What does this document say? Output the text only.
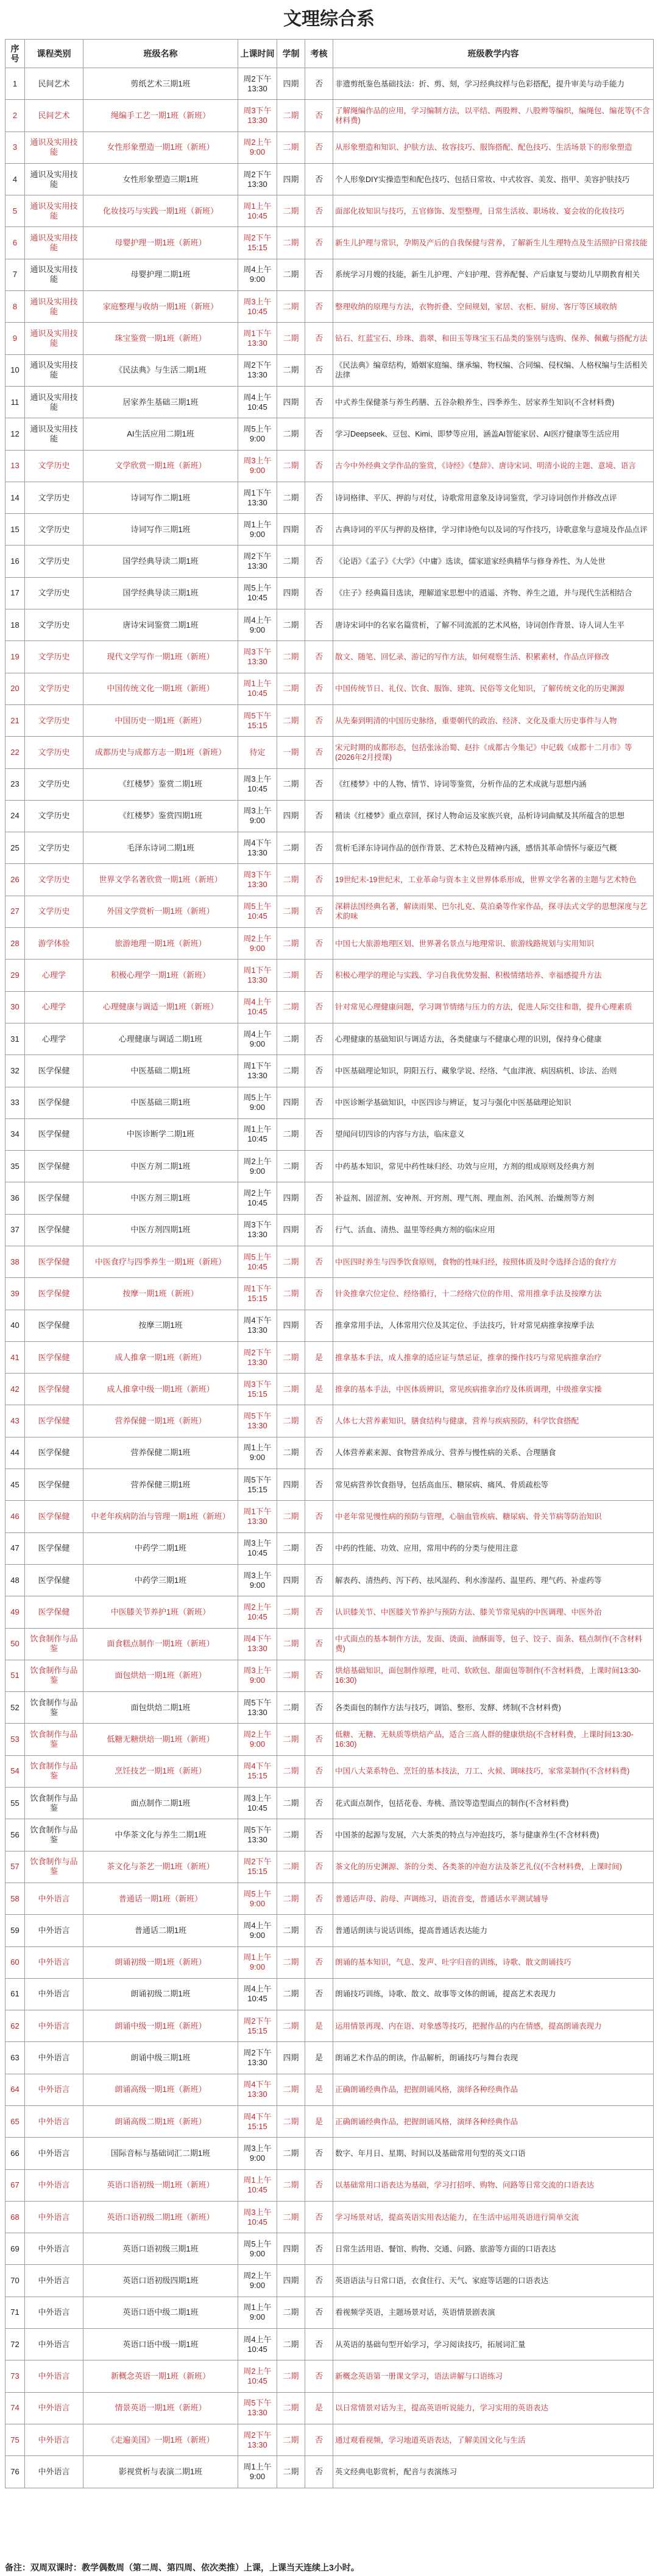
文理综合系
序号	课程类别	班级名称	上课时间	学制	考核	班级教学内容
1	民间艺术	剪纸艺术三期1班	周2下午13:30	四期	否	非遗剪纸鉴色基础技法：折、剪、刻，学习经典纹样与色彩搭配，提升审美与动手能力
2	民间艺术	绳编手工艺一期1班（新班）	周3下午13:30	二期	否	了解绳编作品的应用，学习编制方法，以平结、两股辫、八股辫等编织，编绳包、编花等(不含材料费)
3	通识及实用技能	女性形象塑造一期1班（新班）	周2上午9:00	二期	否	从形象塑造和知识、护肤方法、妆容技巧、服饰搭配、配色技巧、生活场景下的形象塑造
4	通识及实用技能	女性形象塑造三期1班	周2下午13:30	四期	否	个人形象DIY实操造型和配色技巧、包括日常妆、中式妆容、美发、指甲、美容护肤技巧
5	通识及实用技能	化妆技巧与实践一期1班（新班）	周1上午10:45	二期	否	面部化妆知识与技巧，五官修饰、发型整理，日常生活妆、职场妆、宴会妆的化妆技巧
6	通识及实用技能	母婴护理一期1班（新班）	周2下午15:15	二期	否	新生儿护理与常识，孕期及产后的自我保健与营养，了解新生儿生理特点及生活照护日常技能
7	通识及实用技能	母婴护理二期1班	周4上午9:00	二期	否	系统学习月嫂的技能，新生儿护理、产妇护理、营养配餐、产后康复与婴幼儿早期教育相关
8	通识及实用技能	家庭整理与收纳一期1班（新班）	周3上午10:45	二期	否	整理收纳的原理与方法，衣物折叠、空间规划，家居、衣柜、厨房、客厅等区域收纳
9	通识及实用技能	珠宝鉴赏一期1班（新班）	周1下午13:30	二期	否	钻石、红蓝宝石、珍珠、翡翠、和田玉等珠宝玉石品类的鉴别与选购、保养、佩戴与搭配方法
10	通识及实用技能	《民法典》与生活二期1班	周2下午13:30	二期	否	《民法典》编章结构，婚姻家庭编、继承编、物权编、合同编、侵权编、人格权编与生活相关法律
11	通识及实用技能	居家养生基础三期1班	周4上午10:45	四期	否	中式养生保健茶与养生药膳、五谷杂粮养生、四季养生、居家养生知识(不含材料费)
12	通识及实用技能	AI生活应用二期1班	周5上午9:00	二期	否	学习Deepseek、豆包、Kimi、即梦等应用，涵盖AI智能家居、AI医疗健康等生活应用
13	文学历史	文学欣赏一期1班（新班）	周3上午9:00	二期	否	古今中外经典文学作品的鉴赏，《诗经》《楚辞》、唐诗宋词、明清小说的主题、意境、语言
14	文学历史	诗词写作二期1班	周1下午13:30	二期	否	诗词格律、平仄、押韵与对仗，诗歌常用意象及诗词鉴赏，学习诗词创作并修改点评
15	文学历史	诗词写作三期1班	周1上午9:00	四期	否	古典诗词的平仄与押韵及格律，学习律诗绝句以及词的写作技巧，诗歌意象与意境及作品点评
16	文学历史	国学经典导读二期1班	周2下午13:30	二期	否	《论语》《孟子》《大学》《中庸》选读，儒家道家经典精华与修身养性、为人处世
17	文学历史	国学经典导读三期1班	周5上午10:45	四期	否	《庄子》经典篇目选读，理解道家思想中的逍遥、齐物、养生之道，并与现代生活相结合
18	文学历史	唐诗宋词鉴赏二期1班	周4上午9:00	二期	否	唐诗宋词中的名家名篇赏析，了解不同流派的艺术风格，诗词创作背景、诗人词人生平
19	文学历史	现代文学写作一期1班（新班）	周3下午13:30	二期	否	散文、随笔、回忆录、游记的写作方法，如何观察生活、积累素材，作品点评修改
20	文学历史	中国传统文化一期1班（新班）	周1上午10:45	二期	否	中国传统节日、礼仪、饮食、服饰、建筑、民俗等文化知识，了解传统文化的历史渊源
21	文学历史	中国历史一期1班（新班）	周5下午15:15	二期	否	从先秦到明清的中国历史脉络，重要朝代的政治、经济、文化及重大历史事件与人物
22	文学历史	成都历史与成都方志一期1班（新班）	待定	一期	否	宋元时期的成都形态，包括张泳治蜀、赵抃《成都古今集记》中记载《成都十二月市》等(2026年2月授课)
23	文学历史	《红楼梦》鉴赏二期1班	周3上午10:45	二期	否	《红楼梦》中的人物、情节、诗词等鉴赏，分析作品的艺术成就与思想内涵
24	文学历史	《红楼梦》鉴赏四期1班	周3上午9:00	四期	否	精读《红楼梦》重点章回，探讨人物命运及家族兴衰，品析诗词曲赋及其所蕴含的思想
25	文学历史	毛泽东诗词二期1班	周4下午13:30	二期	否	赏析毛泽东诗词作品的创作背景、艺术特色及精神内涵，感悟其革命情怀与豪迈气概
26	文学历史	世界文学名著欣赏一期1班（新班）	周3下午13:30	二期	否	19世纪末-19世纪末，工业革命与资本主义世界体系形成，世界文学名著的主题与艺术特色
27	文学历史	外国文学赏析一期1班（新班）	周5上午10:45	二期	否	深耕法国经典名著，解读雨果、巴尔扎克、莫泊桑等作家作品，探寻法式文学的思想深度与艺术韵味
28	游学体验	旅游地理一期1班（新班）	周2上午9:00	二期	否	中国七大旅游地理区划、世界著名景点与地理常识、旅游线路规划与实用知识
29	心理学	积极心理学一期1班（新班）	周1下午13:30	二期	否	积极心理学的理论与实践、学习自我优势发掘、积极情绪培养、幸福感提升方法
30	心理学	心理健康与调适一期1班（新班）	周4上午10:45	二期	否	针对常见心理健康问题，学习调节情绪与压力的方法，促进人际交往和谐，提升心理素质
31	心理学	心理健康与调适二期1班	周4上午9:00	二期	否	心理健康的基础知识与调适方法，各类健康与不健康心理的识别，保持身心健康
32	医学保健	中医基础二期1班	周1下午13:30	二期	否	中医基础理论知识，阴阳五行、藏象学说、经络、气血津液、病因病机、诊法、治则
33	医学保健	中医基础三期1班	周5上午9:00	四期	否	中医诊断学基础知识，中医四诊与辨证，复习与强化中医基础理论知识
34	医学保健	中医诊断学二期1班	周1上午10:45	二期	否	望闻问切四诊的内容与方法，临床意义
35	医学保健	中医方剂二期1班	周2上午9:00	二期	否	中药基本知识，常见中药性味归经、功效与应用，方剂的组成原则及经典方剂
36	医学保健	中医方剂三期1班	周2上午10:45	四期	否	补益剂、固涩剂、安神剂、开窍剂、理气剂、理血剂、治风剂、治燥剂等方剂
37	医学保健	中医方剂四期1班	周3下午13:30	四期	否	行气、活血、清热、温里等经典方剂的临床应用
38	医学保健	中医食疗与四季养生一期1班（新班）	周5上午10:45	二期	否	中医四时养生与四季饮食原则，食物的性味归经，按照体质及时令选择合适的食疗方
39	医学保健	按摩一期1班（新班）	周1下午15:15	二期	否	针灸推拿穴位定位、经络循行，十二经络穴位的作用、常用推拿手法及按摩方法
40	医学保健	按摩三期1班	周4下午13:30	四期	否	推拿常用手法，人体常用穴位及其定位、手法技巧，针对常见病推拿按摩手法
41	医学保健	成人推拿一期1班（新班）	周2下午13:30	二期	是	推拿基本手法，成人推拿的适应证与禁忌证，推拿的操作技巧与常见病推拿治疗
42	医学保健	成人推拿中级一期1班（新班）	周3下午15:15	二期	是	推拿的基本手法，中医体质辨识，常见疾病推拿治疗及体质调理，中级推拿实操
43	医学保健	营养保健一期1班（新班）	周5下午13:30	二期	否	人体七大营养素知识，膳食结构与健康，营养与疾病预防，科学饮食搭配
44	医学保健	营养保健二期1班	周1上午9:00	二期	否	人体营养素来源、食物营养成分、营养与慢性病的关系、合理膳食
45	医学保健	营养保健三期1班	周5下午15:15	四期	否	常见病营养饮食指导，包括高血压、糖尿病、痛风、骨质疏松等
46	医学保健	中老年疾病防治与管理一期1班（新班）	周1下午13:30	二期	否	中老年常见慢性病的预防与管理，心脑血管疾病、糖尿病、骨关节病等防治知识
47	医学保健	中药学二期1班	周3上午10:45	二期	否	中药的性能、功效、应用，常用中药的分类与使用注意
48	医学保健	中药学三期1班	周3上午9:00	四期	否	解表药、清热药、泻下药、祛风湿药、利水渗湿药、温里药、理气药、补虚药等
49	医学保健	中医膝关节养护1班（新班）	周2上午10:45	二期	否	认识膝关节、中医膝关节养护与预防方法、膝关节常见病的中医调理、中医外治
50	饮食制作与品鉴	面食糕点制作一期1班（新班）	周4下午13:30	二期	否	中式面点的基本制作方法，发面、烫面、油酥面等，包子、饺子、面条、糕点制作(不含材料费)
51	饮食制作与品鉴	面包烘焙一期1班（新班）	周3上午9:00	二期	否	烘焙基础知识，面包制作原理，吐司、软欧包、甜面包等制作(不含材料费，上课时间13:30-16:30)
52	饮食制作与品鉴	面包烘焙二期1班	周5下午13:30	二期	否	各类面包的制作方法与技巧，调馅、整形、发酵、烤制(不含材料费)
53	饮食制作与品鉴	低糖无糖烘焙一期1班（新班）	周2上午9:00	二期	否	低糖、无糖、无麸质等烘焙产品，适合三高人群的健康烘焙(不含材料费，上课时间13:30-16:30)
54	饮食制作与品鉴	烹饪技艺一期1班（新班）	周4下午15:15	二期	否	中国八大菜系特色、烹饪的基本技法，刀工、火候、调味技巧，家常菜制作(不含材料费)
55	饮食制作与品鉴	面点制作二期1班	周3上午10:45	二期	否	花式面点制作，包括花卷、寿桃、蒸饺等造型面点的制作(不含材料费)
56	饮食制作与品鉴	中华茶文化与养生二期1班	周5下午13:30	二期	否	中国茶的起源与发展，六大茶类的特点与冲泡技巧，茶与健康养生(不含材料费)
57	饮食制作与品鉴	茶文化与茶艺一期1班（新班）	周2下午15:15	二期	否	茶文化的历史渊源、茶的分类、各类茶的冲泡方法及茶艺礼仪(不含材料费，上课时间)
58	中外语言	普通话一期1班（新班）	周5上午9:00	二期	否	普通话声母、韵母、声调练习，语流音变，普通话水平测试辅导
59	中外语言	普通话二期1班	周4上午9:00	二期	否	普通话朗读与说话训练，提高普通话表达能力
60	中外语言	朗诵初级一期1班（新班）	周1上午9:00	二期	否	朗诵的基本知识，气息、发声、吐字归音的训练，诗歌、散文朗诵技巧
61	中外语言	朗诵初级二期1班	周4上午10:45	二期	否	朗诵技巧训练，诗歌、散文、故事等文体的朗诵，提高艺术表现力
62	中外语言	朗诵中级一期1班（新班）	周2下午15:15	二期	是	运用情景再现、内在语、对象感等技巧，把握作品的内在情感，提高朗诵表现力
63	中外语言	朗诵中级三期1班	周2下午13:30	四期	是	朗诵艺术作品的朗读，作品解析，朗诵技巧与舞台表现
64	中外语言	朗诵高级一期1班（新班）	周4下午13:30	二期	是	正确朗诵经典作品，把握朗诵风格，演绎各种经典作品
65	中外语言	朗诵高级二期1班（新班）	周4下午15:15	二期	是	正确朗诵经典作品，把握朗诵风格，演绎各种经典作品
66	中外语言	国际音标与基础词汇二期1班	周3上午9:00	二期	否	数字、年月日、星期、时间以及基础常用句型的英文口语
67	中外语言	英语口语初级一期1班（新班）	周1上午10:45	二期	否	以基础常用口语表达为基础，学习打招呼、购物、问路等日常交流的口语表达
68	中外语言	英语口语初级二期1班（新班）	周3上午10:45	二期	否	学习场景对话，提高英语实用表达能力，在生活中运用英语进行简单交流
69	中外语言	英语口语初级三期1班	周5上午9:00	四期	否	日常生活用语、餐馆、购物、交通、问路、旅游等方面的口语表达
70	中外语言	英语口语初级四期1班	周2上午9:00	四期	否	英语语法与日常口语，衣食住行、天气、家庭等话题的口语表达
71	中外语言	英语口语中级二期1班	周1上午9:00	二期	否	看视频学英语，主题场景对话，英语情景剧表演
72	中外语言	英语口语中级一期1班	周4上午10:45	二期	否	从英语的基础句型开始学习，学习阅读技巧，拓展词汇量
73	中外语言	新概念英语一期1班（新班）	周2上午10:45	二期	否	新概念英语第一册课文学习，语法讲解与口语练习
74	中外语言	情景英语一期1班（新班）	周5下午13:30	二期	是	以日常情景对话为主，提高英语听说能力，学习实用的英语表达
75	中外语言	《走遍美国》一期1班（新班）	周2下午13:30	二期	否	通过观看视频，学习地道英语表达，了解美国文化与生活
76	中外语言	影视赏析与表演二期1班	周1上午9:00	二期	否	英文经典电影赏析，配音与表演练习
备注：双周双课时：教学偶数周（第二周、第四周、依次类推）上课，上课当天连续上3小时。
